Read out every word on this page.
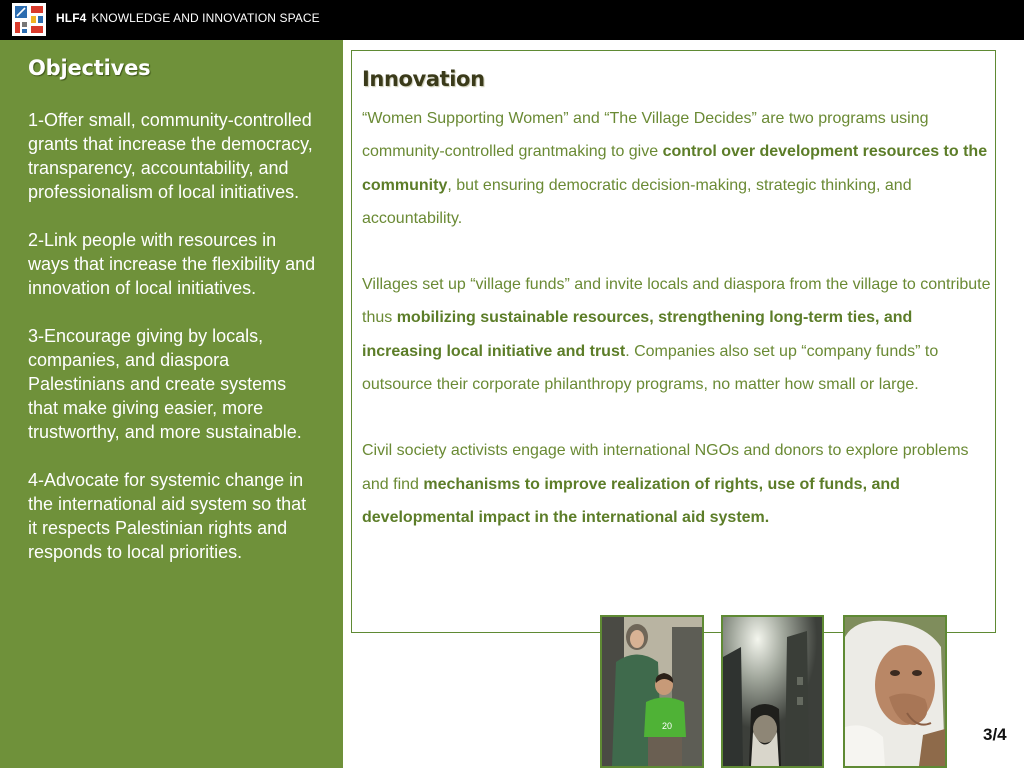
HLF4 KNOWLEDGE AND INNOVATION SPACE
Objectives
1-Offer small, community-controlled grants that increase the democracy, transparency, accountability, and professionalism of local initiatives.
2-Link people with resources in ways that increase the flexibility and innovation of local initiatives.
3-Encourage giving by locals, companies, and diaspora Palestinians and create systems that make giving easier, more trustworthy, and more sustainable.
4-Advocate for systemic change in the international aid system so that it respects Palestinian rights and responds to local priorities.
Innovation

“Women Supporting Women” and “The Village Decides” are two programs using community-controlled grantmaking to give control over development resources to the community, but ensuring democratic decision-making, strategic thinking, and accountability.

Villages set up “village funds” and invite locals and diaspora from the village to contribute thus mobilizing sustainable resources, strengthening long-term ties, and increasing local initiative and trust. Companies also set up “company funds” to outsource their corporate philanthropy programs, no matter how small or large.

Civil society activists engage with international NGOs and donors to explore problems and find mechanisms to improve realization of rights, use of funds, and developmental impact in the international aid system.

20	3/4
